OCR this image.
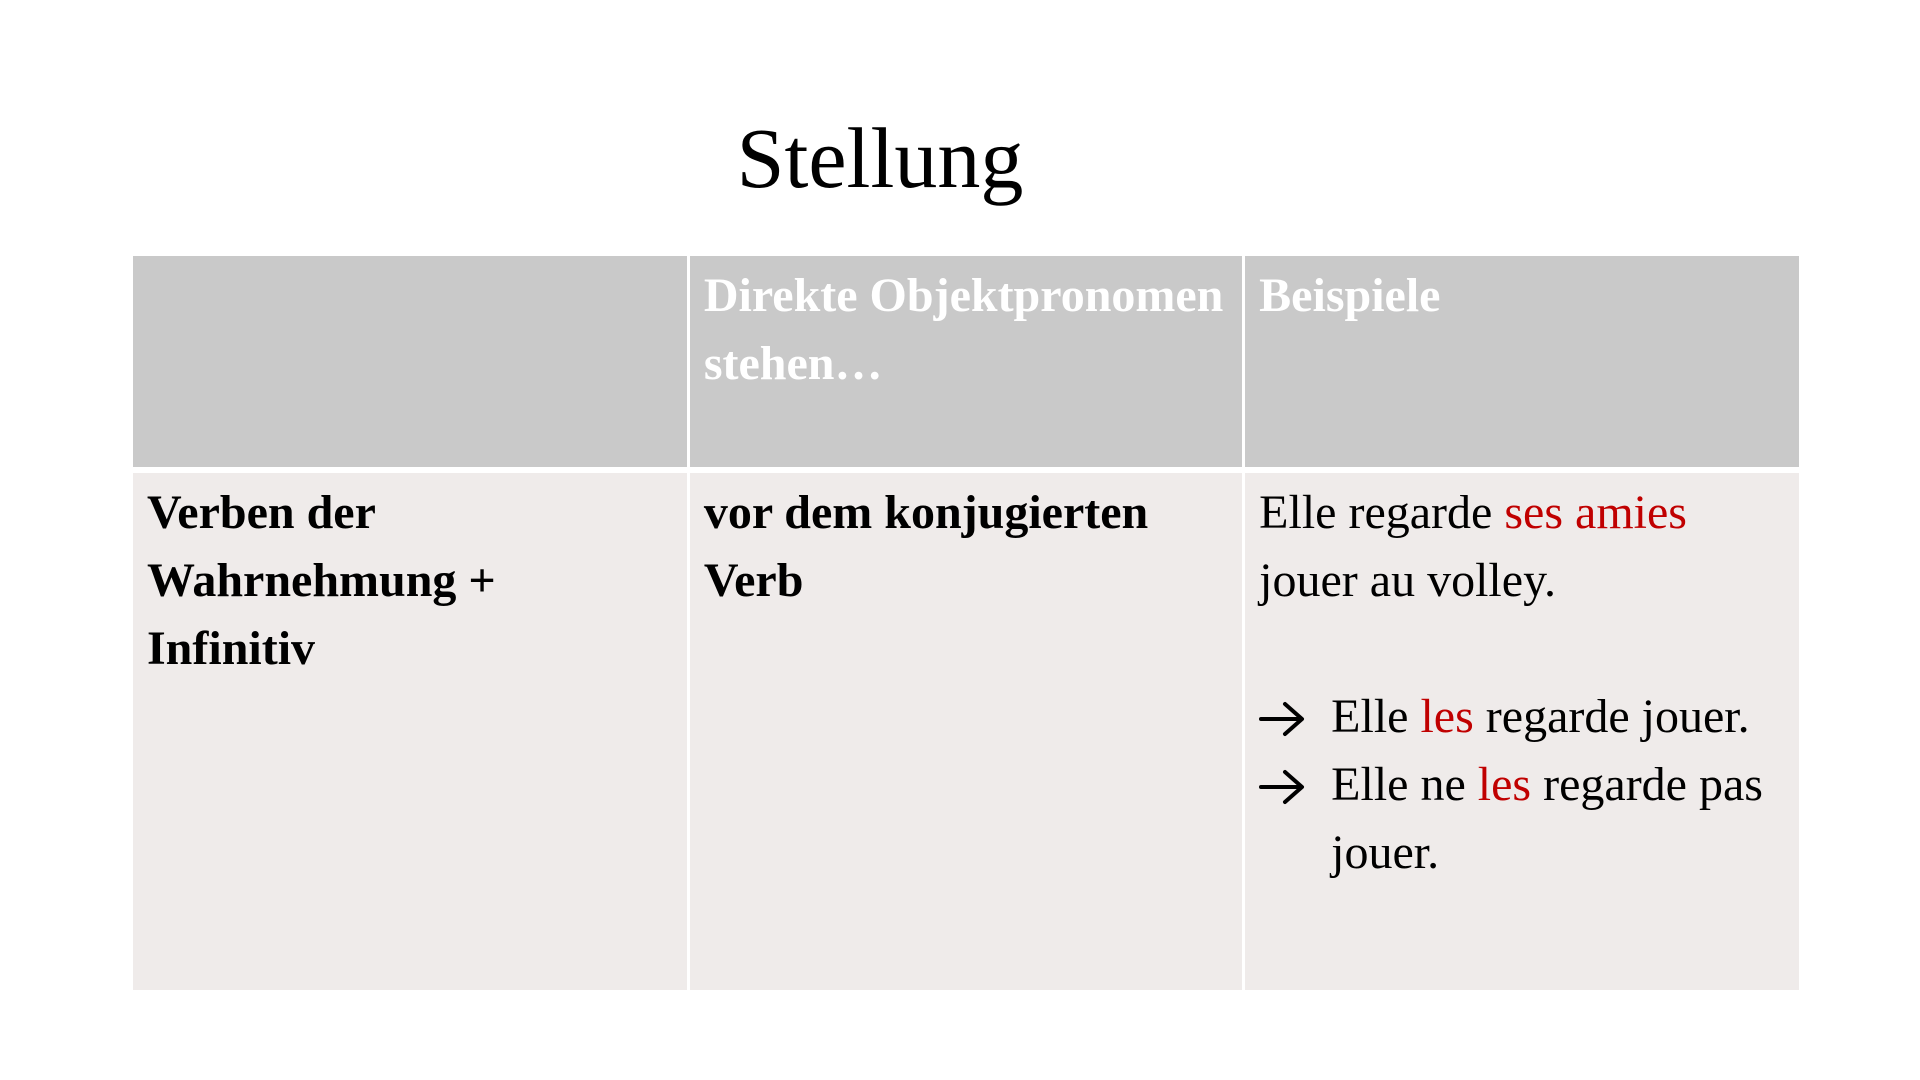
Stellung
	Direkte Objektpronomen stehen…	Beispiele
Verben der Wahrnehmung + Infinitiv	vor dem konjugierten Verb	Elle regarde ses amies jouer au volley.
Elle les regarde jouer.
Elle ne les regarde pas jouer.
